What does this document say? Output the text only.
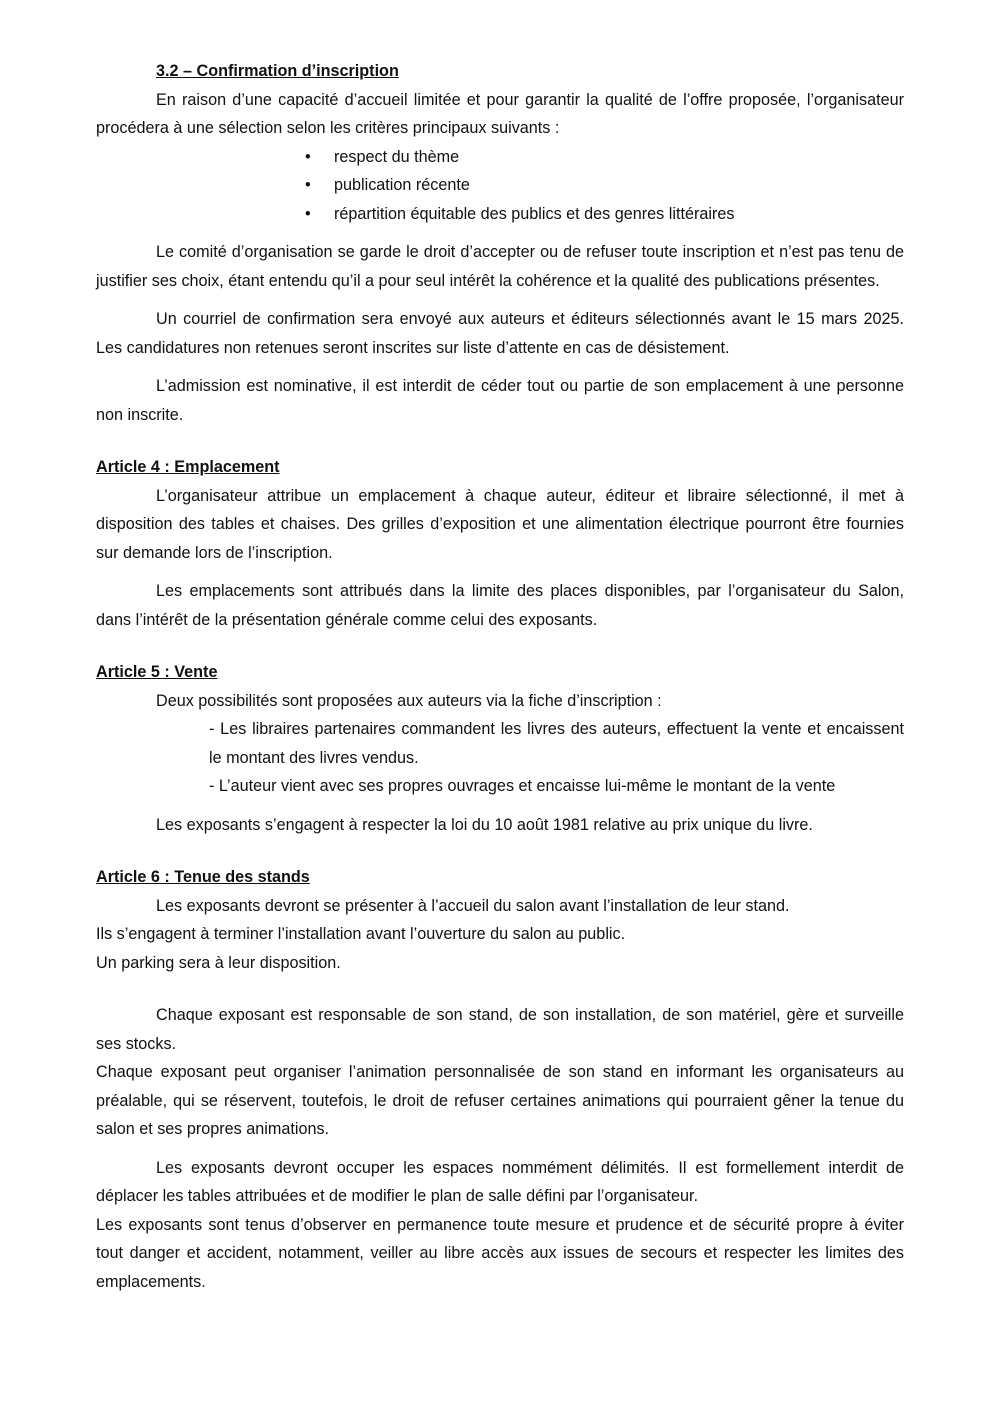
3.2 – Confirmation d’inscription

En raison d’une capacité d’accueil limitée et pour garantir la qualité de l’offre proposée, l’organisateur procédera à une sélection selon les critères principaux suivants :

• respect du thème
• publication récente
• répartition équitable des publics et des genres littéraires

Le comité d’organisation se garde le droit d’accepter ou de refuser toute inscription et n’est pas tenu de justifier ses choix, étant entendu qu’il a pour seul intérêt la cohérence et la qualité des publications présentes.

Un courriel de confirmation sera envoyé aux auteurs et éditeurs sélectionnés avant le 15 mars 2025. Les candidatures non retenues seront inscrites sur liste d’attente en cas de désistement.

L’admission est nominative, il est interdit de céder tout ou partie de son emplacement à une personne non inscrite.

Article 4 : Emplacement

L’organisateur attribue un emplacement à chaque auteur, éditeur et libraire sélectionné, il met à disposition des tables et chaises. Des grilles d’exposition et une alimentation électrique pourront être fournies sur demande lors de l’inscription.

Les emplacements sont attribués dans la limite des places disponibles, par l’organisateur du Salon, dans l’intérêt de la présentation générale comme celui des exposants.

Article 5 : Vente

Deux possibilités sont proposées aux auteurs via la fiche d’inscription :

- Les libraires partenaires commandent les livres des auteurs, effectuent la vente et encaissent le montant des livres vendus.

- L’auteur vient avec ses propres ouvrages et encaisse lui-même le montant de la vente

Les exposants s’engagent à respecter la loi du 10 août 1981 relative au prix unique du livre.

Article 6 : Tenue des stands

Les exposants devront se présenter à l’accueil du salon avant l’installation de leur stand.

Ils s’engagent à terminer l’installation avant l’ouverture du salon au public.

Un parking sera à leur disposition.

Chaque exposant est responsable de son stand, de son installation, de son matériel, gère et surveille ses stocks.

Chaque exposant peut organiser l’animation personnalisée de son stand en informant les organisateurs au préalable, qui se réservent, toutefois, le droit de refuser certaines animations qui pourraient gêner la tenue du salon et ses propres animations.

Les exposants devront occuper les espaces nommément délimités. Il est formellement interdit de déplacer les tables attribuées et de modifier le plan de salle défini par l’organisateur.

Les exposants sont tenus d’observer en permanence toute mesure et prudence et de sécurité propre à éviter tout danger et accident, notamment, veiller au libre accès aux issues de secours et respecter les limites des emplacements.
